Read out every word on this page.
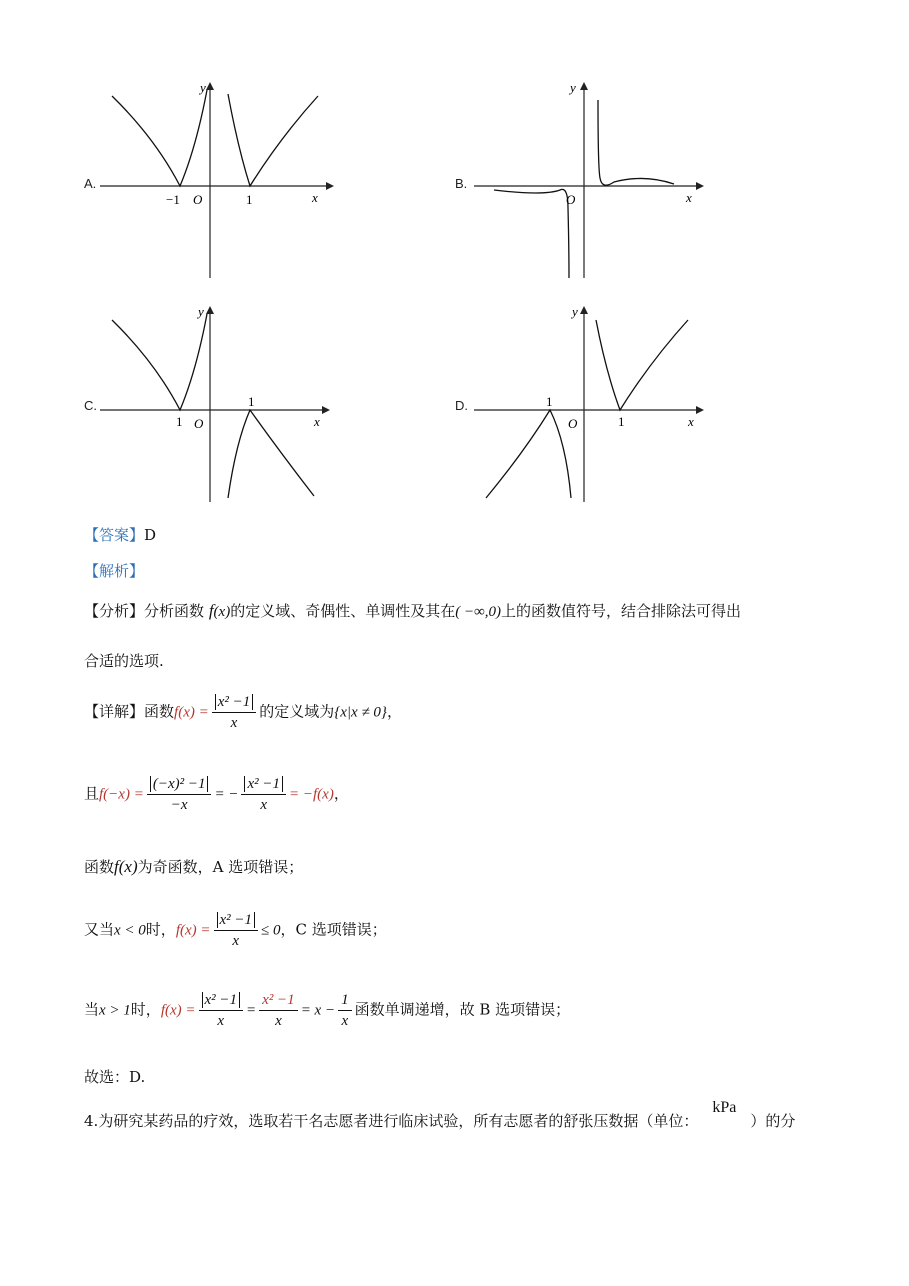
A.
y
x
O
−1	1
B.
y
x
O
C.
y
x
O
1
1	D.
y
x
O
1
1
【答案】D
【解析】
【分析】分析函数 f(x)的定义域、奇偶性、单调性及其在( −∞,0)上的函数值符号，结合排除法可得出
合适的选项.
【详解】函数$f(x) = \frac{\text{x² −1}}{x}$ 的定义域为{x|x ≠ 0}，
且$f(-x) = \frac{\text{(−x)² −1}}{-x}$ = − $\frac{\text{x² −1}}{x} = -f(x)$，
函数f(x)为奇函数，A 选项错误；
又当x < 0时，$f(x) = \frac{\text{x² −1}}{x} \le 0$，C 选项错误；
当x > 1时，$f(x) = \frac{\text{x² −1}}{x} = \frac{\text{x² −1}}{x} = x - \frac{1}{x}$ 函数单调递增，故 B 选项错误；
故选：D.
4.为研究某药品的疗效，选取若干名志愿者进行临床试验，所有志愿者的舒张压数据（单位：kPa）的分
